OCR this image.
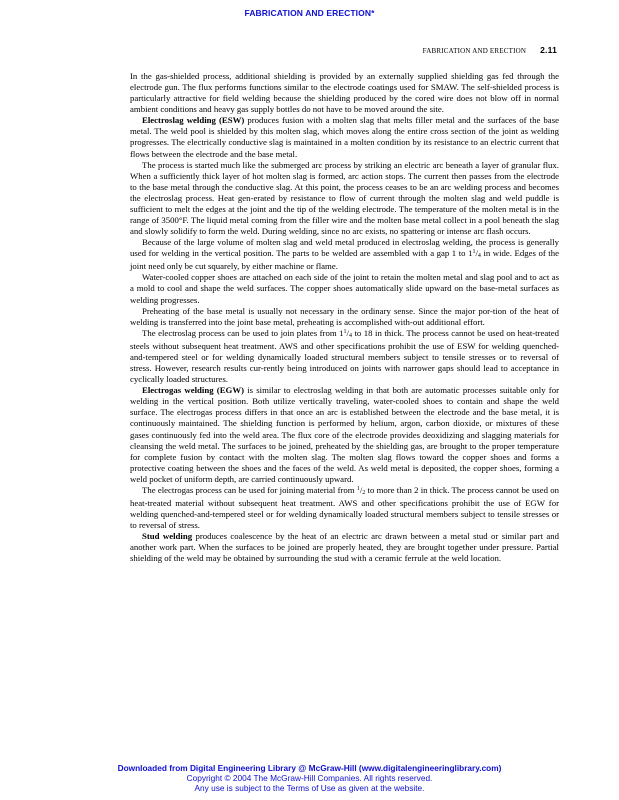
FABRICATION AND ERECTION*
FABRICATION AND ERECTION 2.11

In the gas-shielded process, additional shielding is provided by an externally supplied shielding gas fed through the electrode gun. The flux performs functions similar to the electrode coatings used for SMAW. The self-shielded process is particularly attractive for field welding because the shielding produced by the cored wire does not blow off in normal ambient conditions and heavy gas supply bottles do not have to be moved around the site.

Electroslag welding (ESW) produces fusion with a molten slag that melts filler metal and the surfaces of the base metal. The weld pool is shielded by this molten slag, which moves along the entire cross section of the joint as welding progresses. The electrically conductive slag is maintained in a molten condition by its resistance to an electric current that flows between the electrode and the base metal.

The process is started much like the submerged arc process by striking an electric arc beneath a layer of granular flux. When a sufficiently thick layer of hot molten slag is formed, arc action stops. The current then passes from the electrode to the base metal through the conductive slag. At this point, the process ceases to be an arc welding process and becomes the electroslag process. Heat gen-erated by resistance to flow of current through the molten slag and weld puddle is sufficient to melt the edges at the joint and the tip of the welding electrode. The temperature of the molten metal is in the range of 3500°F. The liquid metal coming from the filler wire and the molten base metal collect in a pool beneath the slag and slowly solidify to form the weld. During welding, since no arc exists, no spattering or intense arc flash occurs.

Because of the large volume of molten slag and weld metal produced in electroslag welding, the process is generally used for welding in the vertical position. The parts to be welded are assembled with a gap 1 to $1^1/4$ in wide. Edges of the joint need only be cut squarely, by either machine or flame.

Water-cooled copper shoes are attached on each side of the joint to retain the molten metal and slag pool and to act as a mold to cool and shape the weld surfaces. The copper shoes automatically slide upward on the base-metal surfaces as welding progresses.

Preheating of the base metal is usually not necessary in the ordinary sense. Since the major por-tion of the heat of welding is transferred into the joint base metal, preheating is accomplished with-out additional effort.

The electroslag process can be used to join plates from $1^1/4$ to 18 in thick. The process cannot be used on heat-treated steels without subsequent heat treatment. AWS and other specifications prohibit the use of ESW for welding quenched-and-tempered steel or for welding dynamically loaded structural members subject to tensile stresses or to reversal of stress. However, research results cur-rently being introduced on joints with narrower gaps should lead to acceptance in cyclically loaded structures.

Electrogas welding (EGW) is similar to electroslag welding in that both are automatic processes suitable only for welding in the vertical position. Both utilize vertically traveling, water-cooled shoes to contain and shape the weld surface. The electrogas process differs in that once an arc is established between the electrode and the base metal, it is continuously maintained. The shielding function is performed by helium, argon, carbon dioxide, or mixtures of these gases continuously fed into the weld area. The flux core of the electrode provides deoxidizing and slagging materials for cleansing the weld metal. The surfaces to be joined, preheated by the shielding gas, are brought to the proper temperature for complete fusion by contact with the molten slag. The molten slag flows toward the copper shoes and forms a protective coating between the shoes and the faces of the weld. As weld metal is deposited, the copper shoes, forming a weld pocket of uniform depth, are carried continuously upward.

The electrogas process can be used for joining material from $^1$/2 to more than 2 in thick. The process cannot be used on heat-treated material without subsequent heat treatment. AWS and other specifications prohibit the use of EGW for welding quenched-and-tempered steel or for welding dynamically loaded structural members subject to tensile stresses or to reversal of stress.

Stud welding produces coalescence by the heat of an electric arc drawn between a metal stud or similar part and another work part. When the surfaces to be joined are properly heated, they are brought together under pressure. Partial shielding of the weld may be obtained by surrounding the stud with a ceramic ferrule at the weld location.

Downloaded from Digital Engineering Library @ McGraw-Hill (www.digitalengineeringlibrary.com)
Copyright © 2004 The McGraw-Hill Companies. All rights reserved.
Any use is subject to the Terms of Use as given at the website.
